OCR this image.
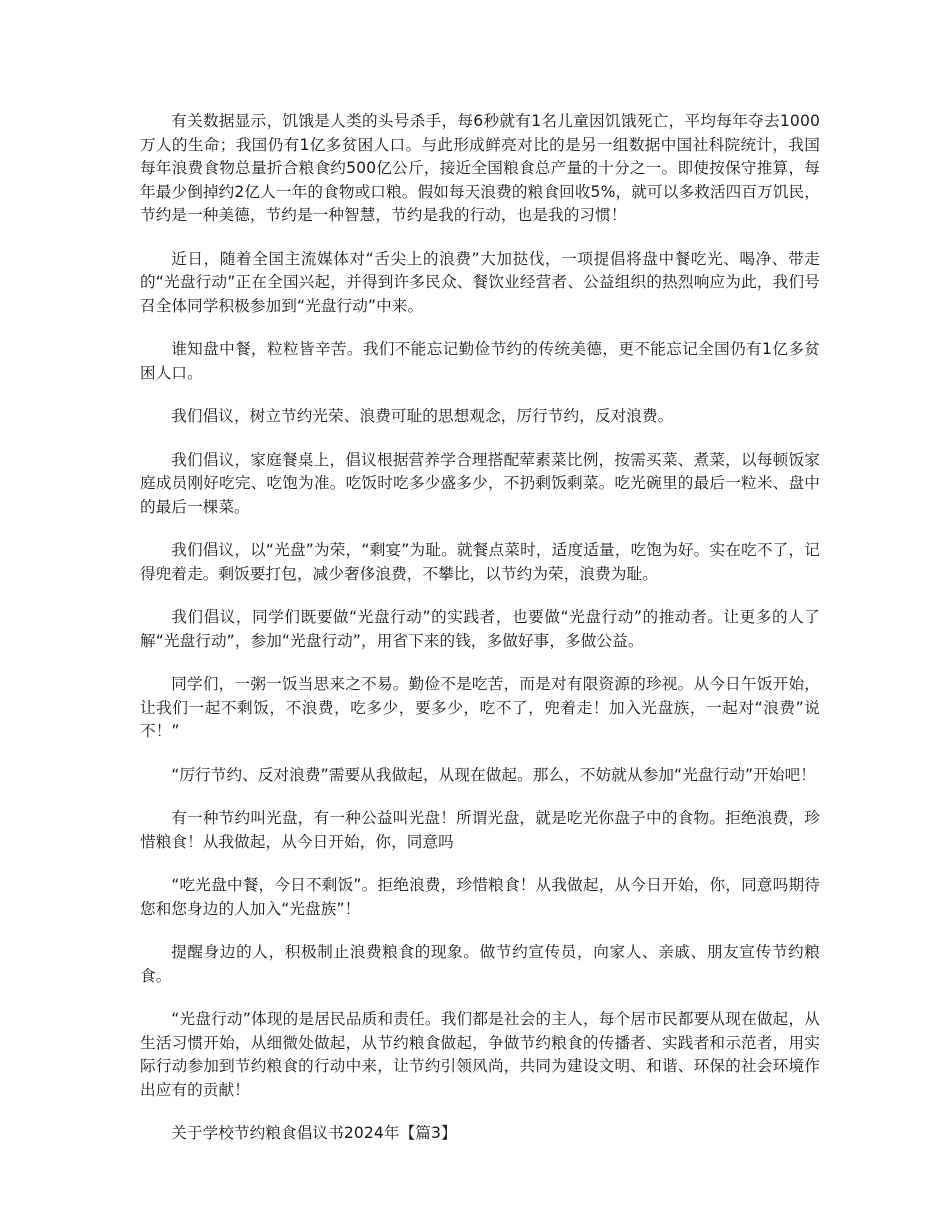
有关数据显示，饥饿是人类的头号杀手，每6秒就有1名儿童因饥饿死亡，平均每年夺去1000万人的生命；我国仍有1亿多贫困人口。与此形成鲜亮对比的是另一组数据中国社科院统计，我国每年浪费食物总量折合粮食约500亿公斤，接近全国粮食总产量的十分之一。即使按保守推算，每年最少倒掉约2亿人一年的食物或口粮。假如每天浪费的粮食回收5%，就可以多救活四百万饥民，节约是一种美德，节约是一种智慧，节约是我的行动，也是我的习惯！

近日，随着全国主流媒体对“舌尖上的浪费”大加挞伐，一项提倡将盘中餐吃光、喝净、带走的“光盘行动”正在全国兴起，并得到许多民众、餐饮业经营者、公益组织的热烈响应为此，我们号召全体同学积极参加到“光盘行动”中来。

谁知盘中餐，粒粒皆辛苦。我们不能忘记勤俭节约的传统美德，更不能忘记全国仍有1亿多贫困人口。

我们倡议，树立节约光荣、浪费可耻的思想观念，厉行节约，反对浪费。

我们倡议，家庭餐桌上，倡议根据营养学合理搭配荤素菜比例，按需买菜、煮菜，以每顿饭家庭成员刚好吃完、吃饱为准。吃饭时吃多少盛多少，不扔剩饭剩菜。吃光碗里的最后一粒米、盘中的最后一棵菜。

我们倡议，以“光盘”为荣，“剩宴”为耻。就餐点菜时，适度适量，吃饱为好。实在吃不了，记得兜着走。剩饭要打包，减少奢侈浪费，不攀比，以节约为荣，浪费为耻。

我们倡议，同学们既要做“光盘行动”的实践者，也要做“光盘行动”的推动者。让更多的人了解“光盘行动”，参加“光盘行动”，用省下来的钱，多做好事，多做公益。

同学们，一粥一饭当思来之不易。勤俭不是吃苦，而是对有限资源的珍视。从今日午饭开始，让我们一起不剩饭，不浪费，吃多少，要多少，吃不了，兜着走！加入光盘族，一起对“浪费”说不！”

“厉行节约、反对浪费”需要从我做起，从现在做起。那么，不妨就从参加“光盘行动”开始吧！

有一种节约叫光盘，有一种公益叫光盘！所谓光盘，就是吃光你盘子中的食物。拒绝浪费，珍惜粮食！从我做起，从今日开始，你，同意吗

“吃光盘中餐，今日不剩饭”。拒绝浪费，珍惜粮食！从我做起，从今日开始，你，同意吗期待您和您身边的人加入“光盘族”！

提醒身边的人，积极制止浪费粮食的现象。做节约宣传员，向家人、亲戚、朋友宣传节约粮食。

“光盘行动”体现的是居民品质和责任。我们都是社会的主人，每个居市民都要从现在做起，从生活习惯开始，从细微处做起，从节约粮食做起，争做节约粮食的传播者、实践者和示范者，用实际行动参加到节约粮食的行动中来，让节约引领风尚，共同为建设文明、和谐、环保的社会环境作出应有的贡献！

关于学校节约粮食倡议书2024年【篇3】
